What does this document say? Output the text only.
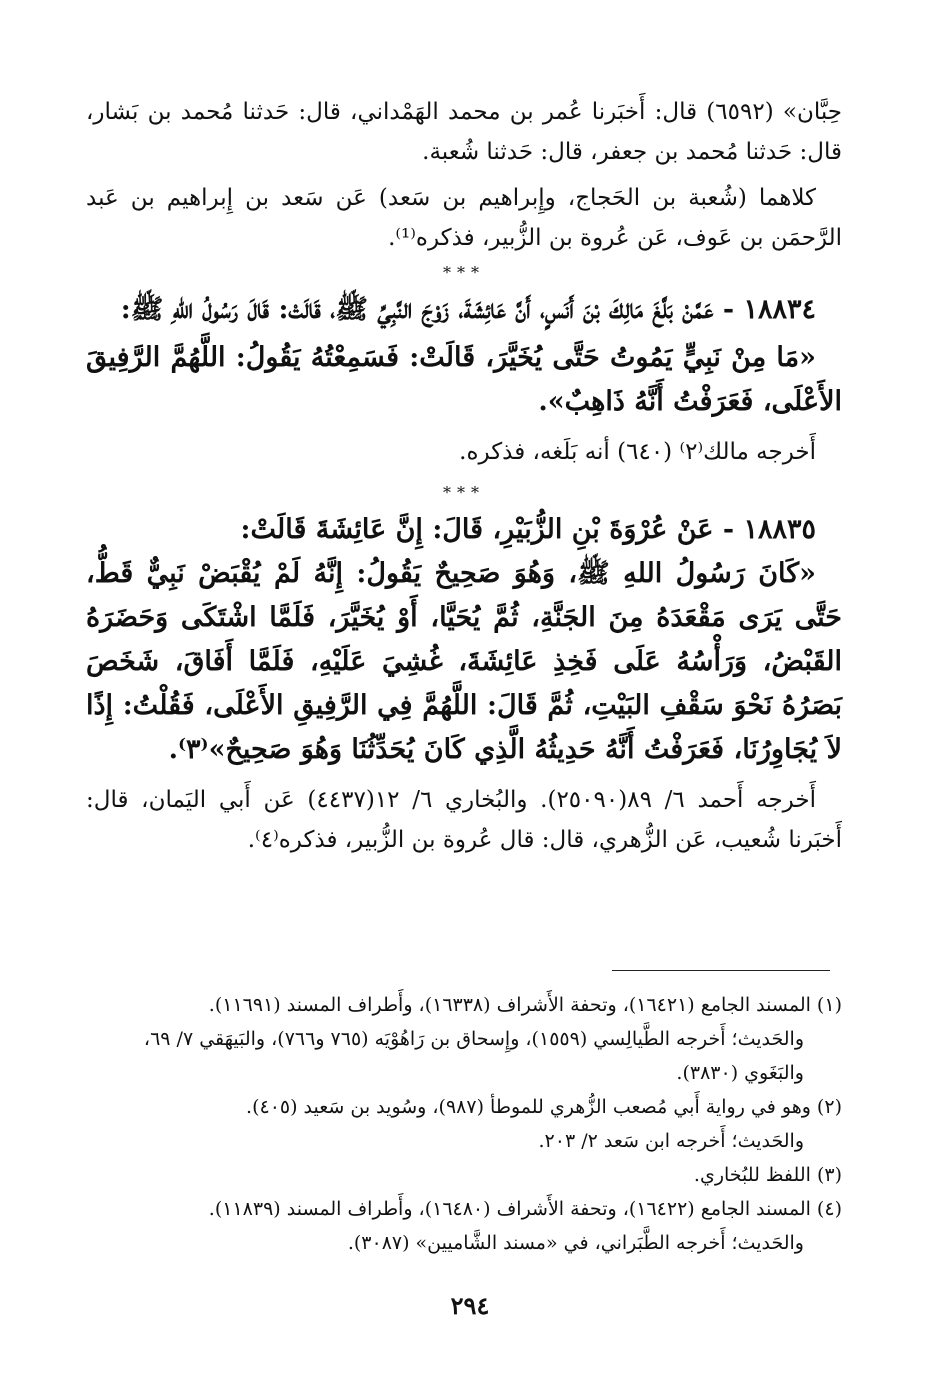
حِبَّان» (٦٥٩٢) قال: أَخبَرنا عُمر بن محمد الهَمْداني، قال: حَدثنا مُحمد بن بَشار، قال: حَدثنا مُحمد بن جعفر، قال: حَدثنا شُعبة.

كلاهما (شُعبة بن الحَجاج، وإِبراهيم بن سَعد) عَن سَعد بن إِبراهيم بن عَبد الرَّحمَن بن عَوف، عَن عُروة بن الزُّبير، فذكره⁽¹⁾.

***

١٨٨٣٤ - عَمَّنْ بَلَّغَ مَالِكَ بْنَ أَنَسٍ، أَنَّ عَائِشَةَ، زَوْجَ النَّبِيِّ ﷺ، قَالَتْ: قَالَ رَسُولُ اللهِ ﷺ:

«مَا مِنْ نَبِيٍّ يَمُوتُ حَتَّى يُخَيَّرَ، قَالَتْ: فَسَمِعْتُهُ يَقُولُ: اللَّهُمَّ الرَّفِيقَ الأَعْلَى، فَعَرَفْتُ أَنَّهُ ذَاهِبٌ».

أَخرجه مالك⁽٢⁾ (٦٤٠) أنه بَلَغه، فذكره.

***

١٨٨٣٥ - عَنْ عُرْوَةَ بْنِ الزُّبَيْرِ، قَالَ: إِنَّ عَائِشَةَ قَالَتْ:

«كَانَ رَسُولُ اللهِ ﷺ، وَهُوَ صَحِيحٌ يَقُولُ: إِنَّهُ لَمْ يُقْبَضْ نَبِيٌّ قَطُّ، حَتَّى يَرَى مَقْعَدَهُ مِنَ الجَنَّةِ، ثُمَّ يُحَيَّا، أَوْ يُخَيَّرَ، فَلَمَّا اشْتَكَى وَحَضَرَهُ القَبْضُ، وَرَأْسُهُ عَلَى فَخِذِ عَائِشَةَ، غُشِيَ عَلَيْهِ، فَلَمَّا أَفَاقَ، شَخَصَ بَصَرُهُ نَحْوَ سَقْفِ البَيْتِ، ثُمَّ قَالَ: اللَّهُمَّ فِي الرَّفِيقِ الأَعْلَى، فَقُلْتُ: إِذًا لاَ يُجَاوِرُنَا، فَعَرَفْتُ أَنَّهُ حَدِيثُهُ الَّذِي كَانَ يُحَدِّثُنَا وَهُوَ صَحِيحٌ»⁽٣⁾.

أَخرجه أَحمد ٦/ ٨٩(٢٥٠٩٠). والبُخاري ٦/ ١٢(٤٤٣٧) عَن أَبي اليَمان، قال: أَخبَرنا شُعيب، عَن الزُّهري، قال: قال عُروة بن الزُّبير، فذكره⁽٤⁾.

(١) المسند الجامع (١٦٤٢١)، وتحفة الأَشراف (١٦٣٣٨)، وأَطراف المسند (١١٦٩١).

والحَديث؛ أَخرجه الطَّيالِسي (١٥٥٩)، وإِسحاق بن رَاهُوْيَه (٧٦٥ و٧٦٦)، والبَيهَقي ٧/ ٦٩، والبَغَوي (٣٨٣٠).

(٢) وهو في رواية أَبي مُصعب الزُّهري للموطأ (٩٨٧)، وسُويد بن سَعيد (٤٠٥).

والحَديث؛ أَخرجه ابن سَعد ٢/ ٢٠٣.

(٣) اللفظ للبُخاري.

(٤) المسند الجامع (١٦٤٢٢)، وتحفة الأَشراف (١٦٤٨٠)، وأَطراف المسند (١١٨٣٩).

والحَديث؛ أَخرجه الطَّبَراني، في «مسند الشَّاميين» (٣٠٨٧).

٢٩٤
